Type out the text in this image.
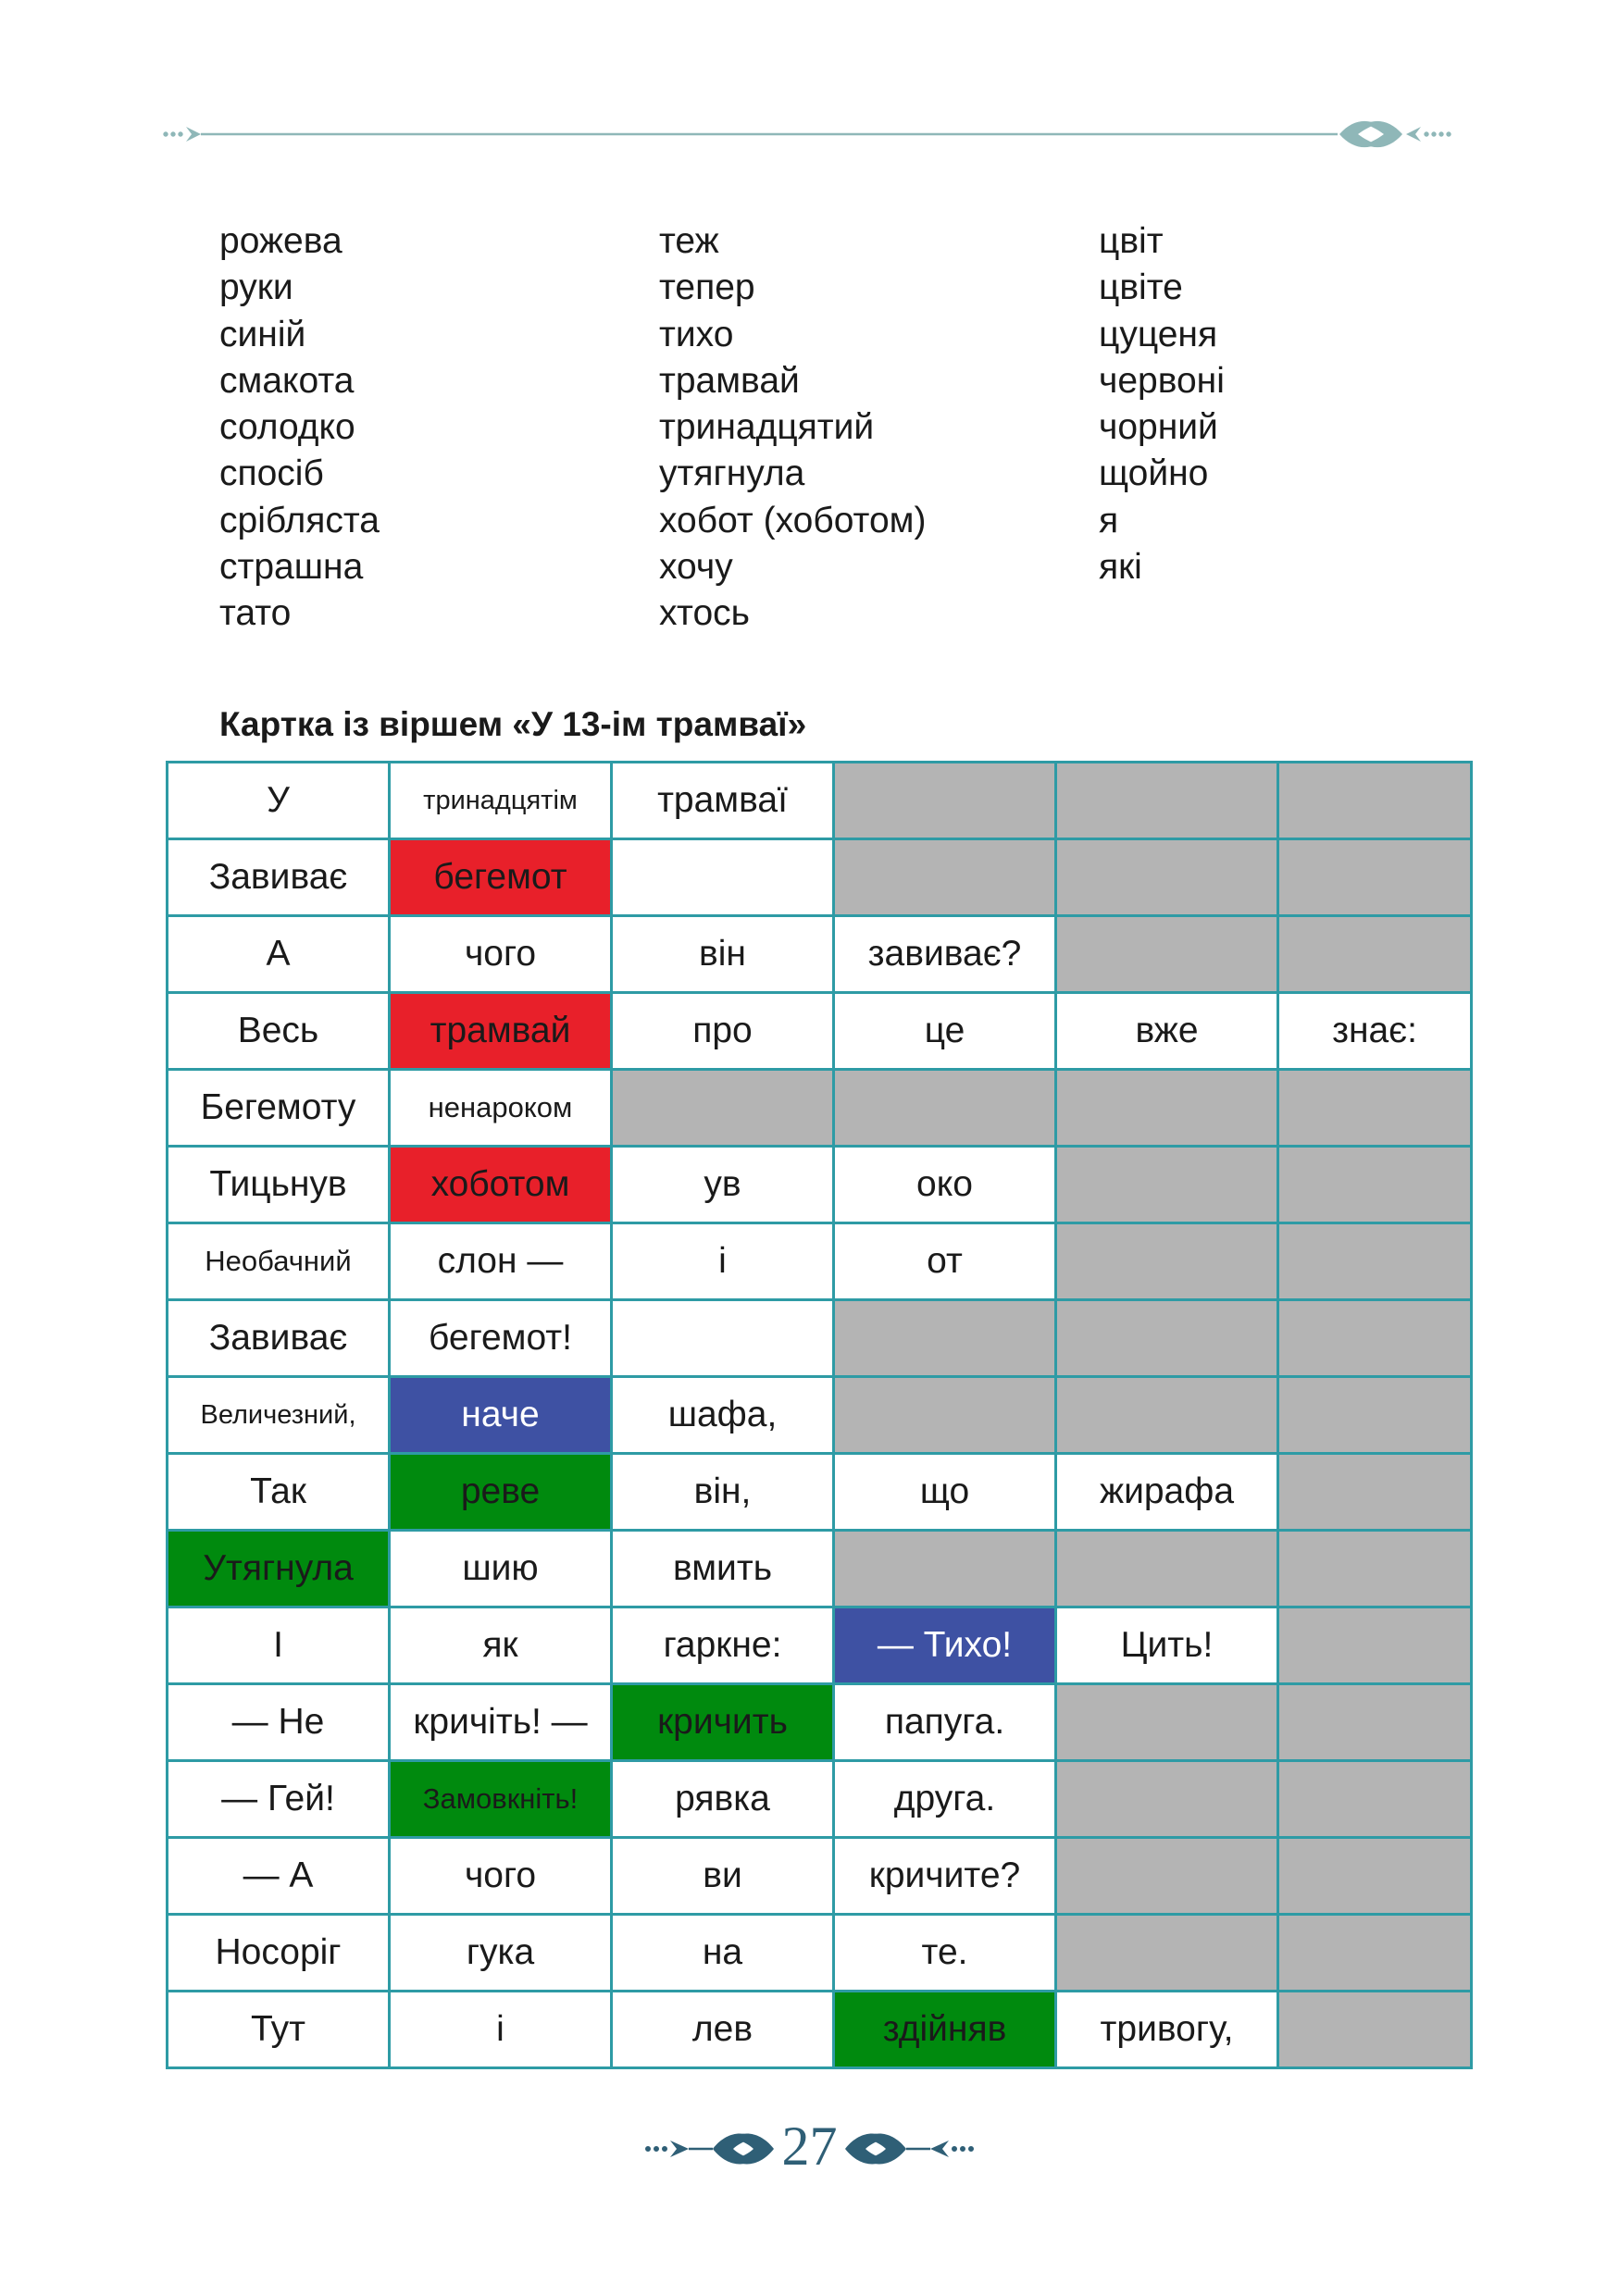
рожева
руки
синій
смакота
солодко
спосіб
срібляста
страшна
тато
теж
тепер
тихо
трамвай
тринадцятий
утягнула
хобот (хоботом)
хочу
хтось
цвіт
цвіте
цуценя
червоні
чорний
щойно
я
які
Картка із віршем «У 13-ім трамваї»
У	тринадцятім	трамваї			
Завиває	бегемот				
А	чого	він	завиває?		
Весь	трамвай	про	це	вже	знає:
Бегемоту	ненароком				
Тицьнув	хоботом	ув	око		
Необачний	слон —	і	от		
Завиває	бегемот!				
Величезний,	наче	шафа,			
Так	реве	він,	що	жирафа	
Утягнула	шию	вмить			
І	як	гаркне:	— Тихо!	Цить!	
— Не	кричіть! —	кричить	папуга.		
— Гей!	Замовкніть!	рявка	друга.		
— А	чого	ви	кричите?		
Носоріг	гука	на	те.		
Тут	і	лев	здійняв	тривогу,	
27
